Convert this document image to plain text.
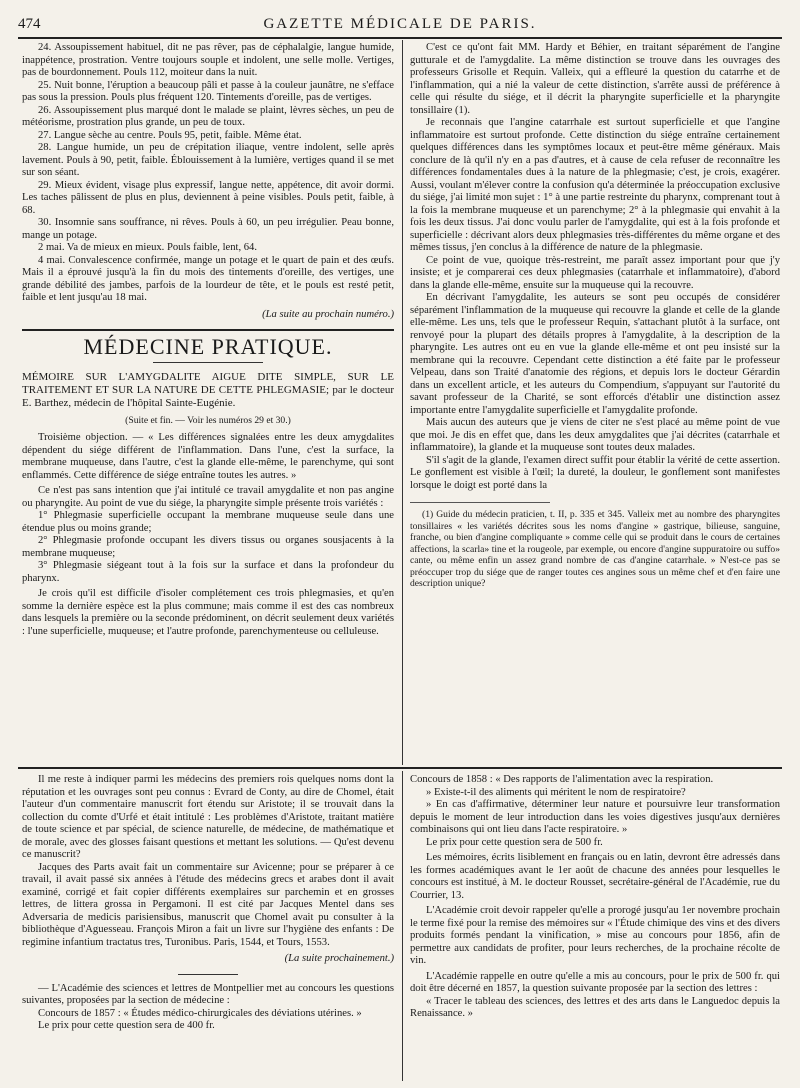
474	GAZETTE MÉDICALE DE PARIS.

24. Assoupissement habituel, dit ne pas rêver, pas de céphalalgie, langue humide, inappétence, prostration. Ventre toujours souple et indolent, une selle molle. Vertiges, pas de bourdonnement. Pouls 112, moiteur dans la nuit.

25. Nuit bonne, l'éruption a beaucoup pâli et passe à la couleur jaunâtre, ne s'efface pas sous la pression. Pouls plus fréquent 120. Tintements d'oreille, pas de vertiges.

26. Assoupissement plus marqué dont le malade se plaint, lèvres sèches, un peu de météorisme, prostration plus grande, un peu de toux.

27. Langue sèche au centre. Pouls 95, petit, faible. Même état.

28. Langue humide, un peu de crépitation iliaque, ventre indolent, selle après lavement. Pouls à 90, petit, faible. Éblouissement à la lumière, vertiges quand il se met sur son séant.

29. Mieux évident, visage plus expressif, langue nette, appétence, dit avoir dormi. Les taches pâlissent de plus en plus, deviennent à peine visibles. Pouls petit, faible, à 68.

30. Insomnie sans souffrance, ni rêves. Pouls à 60, un peu irrégulier. Peau bonne, mange un potage.

2 mai. Va de mieux en mieux. Pouls faible, lent, 64.

4 mai. Convalescence confirmée, mange un potage et le quart de pain et des œufs. Mais il a éprouvé jusqu'à la fin du mois des tintements d'oreille, des vertiges, une grande débilité des jambes, parfois de la lourdeur de tête, et le pouls est resté petit, faible et lent jusqu'au 18 mai.

(La suite au prochain numéro.)

MÉDECINE PRATIQUE.
MÉMOIRE SUR L'AMYGDALITE AIGUE DITE SIMPLE, SUR LE TRAITEMENT ET SUR LA NATURE DE CETTE PHLEGMASIE; par le docteur E. Barthez, médecin de l'hôpital Sainte-Eugénie.

(Suite et fin. — Voir les numéros 29 et 30.)

Troisième objection. — « Les différences signalées entre les deux amygdalites dépendent du siége différent de l'inflammation. Dans l'une, c'est la surface, la membrane muqueuse, dans l'autre, c'est la glande elle-même, le parenchyme, qui sont enflammés. Cette différence de siége entraîne toutes les autres. »

Ce n'est pas sans intention que j'ai intitulé ce travail amygdalite et non pas angine ou pharyngite. Au point de vue du siége, la pharyngite simple présente trois variétés :

1° Phlegmasie superficielle occupant la membrane muqueuse seule dans une étendue plus ou moins grande;

2° Phlegmasie profonde occupant les divers tissus ou organes sousjacents à la membrane muqueuse;

3° Phlegmasie siégeant tout à la fois sur la surface et dans la profondeur du pharynx.

Je crois qu'il est difficile d'isoler complétement ces trois phlegmasies, et qu'en somme la dernière espèce est la plus commune; mais comme il est des cas nombreux dans lesquels la première ou la seconde prédominent, on décrit seulement deux variétés : l'une superficielle, muqueuse; et l'autre profonde, parenchymenteuse ou celluleuse.

C'est ce qu'ont fait MM. Hardy et Béhier, en traitant séparément de l'angine gutturale et de l'amygdalite. La même distinction se trouve dans les ouvrages des professeurs Grisolle et Requin. Valleix, qui a effleuré la question du catarrhe et de l'inflammation, qui a nié la valeur de cette distinction, s'arrête aussi de préférence à celle qui résulte du siége, et il décrit la pharyngite superficielle et la pharyngite tonsillaire (1).

Je reconnais que l'angine catarrhale est surtout superficielle et que l'angine inflammatoire est surtout profonde. Cette distinction du siége entraîne certainement quelques différences dans les symptômes locaux et peut-être même généraux. Mais conclure de là qu'il n'y en a pas d'autres, et à cause de cela refuser de reconnaître les différences fondamentales dues à la nature de la phlegmasie; c'est, je crois, exagérer. Aussi, voulant m'élever contre la confusion qu'a déterminée la préoccupation exclusive du siége, j'ai limité mon sujet : 1° à une partie restreinte du pharynx, comprenant tout à la fois la membrane muqueuse et un parenchyme; 2° à la phlegmasie qui envahit à la fois les deux tissus. J'ai donc voulu parler de l'amygdalite, qui est à la fois profonde et superficielle : décrivant alors deux phlegmasies très-différentes du même organe et des mêmes tissus, j'en conclus à la différence de nature de la phlegmasie.

Ce point de vue, quoique très-restreint, me paraît assez important pour que j'y insiste; et je comparerai ces deux phlegmasies (catarrhale et inflammatoire), d'abord dans la glande elle-même, ensuite sur la muqueuse qui la recouvre.

En décrivant l'amygdalite, les auteurs se sont peu occupés de considérer séparément l'inflammation de la muqueuse qui recouvre la glande et celle de la glande elle-même. Les uns, tels que le professeur Requin, s'attachant plutôt à la surface, ont renvoyé pour la plupart des détails propres à l'amygdalite, à la description de la pharyngite. Les autres ont eu en vue la glande elle-même et ont peu insisté sur la membrane qui la recouvre. Cependant cette distinction a été faite par le professeur Velpeau, dans son Traité d'anatomie des régions, et depuis lors le docteur Gérardin dans un excellent article, et les auteurs du Compendium, s'appuyant sur l'autorité du savant professeur de la Charité, se sont efforcés d'établir une distinction assez importante entre l'amygdalite superficielle et l'amygdalite profonde.

Mais aucun des auteurs que je viens de citer ne s'est placé au même point de vue que moi. Je dis en effet que, dans les deux amygdalites que j'ai décrites (catarrhale et inflammatoire), la glande et la muqueuse sont toutes deux malades.

S'il s'agit de la glande, l'examen direct suffit pour établir la vérité de cette assertion. Le gonflement est visible à l'œil; la dureté, la douleur, le gonflement sont manifestes lorsque le doigt est porté dans la

(1) Guide du médecin praticien, t. II, p. 335 et 345. Valleix met au nombre des pharyngites tonsillaires « les variétés décrites sous les noms d'angine » gastrique, bilieuse, sanguine, franche, ou bien d'angine compliquante » comme celle qui se produit dans le cours de certaines affections, la scarla» tine et la rougeole, par exemple, ou encore d'angine suppuratoire ou suffo» cante, ou même enfin un assez grand nombre de cas d'angine catarrhale. » N'est-ce pas se préoccuper trop du siége que de ranger toutes ces angines sous un même chef et d'en faire une description unique?

Il me reste à indiquer parmi les médecins des premiers rois quelques noms dont la réputation et les ouvrages sont peu connus : Evrard de Conty, au dire de Chomel, était l'auteur d'un commentaire manuscrit fort étendu sur Aristote; il se trouvait dans la collection du comte d'Urfé et était intitulé : Les problèmes d'Aristote, traitant matière de toute science et par spécial, de science naturelle, de médecine, de mathématique et de morale, avec des glosses faisant questions et mettant les solutions. — Qu'est devenu ce manuscrit?

Jacques des Parts avait fait un commentaire sur Avicenne; pour se préparer à ce travail, il avait passé six années à l'étude des médecins grecs et arabes dont il avait examiné, corrigé et fait copier différents exemplaires sur parchemin et en grosses lettres, de littera grossa in Pergamoni. Il est cité par Jacques Mentel dans ses Adversaria de medicis parisiensibus, manuscrit que Chomel avait pu consulter à la bibliothèque d'Aguesseau. François Miron a fait un livre sur l'hygiène des enfants : De regimine infantium tractatus tres, Turonibus. Paris, 1544, et Tours, 1553.

(La suite prochainement.)

— L'Académie des sciences et lettres de Montpellier met au concours les questions suivantes, proposées par la section de médecine :

Concours de 1857 : « Études médico-chirurgicales des déviations utérines. »

Le prix pour cette question sera de 400 fr.

Concours de 1858 : « Des rapports de l'alimentation avec la respiration.

» Existe-t-il des aliments qui méritent le nom de respiratoire?

» En cas d'affirmative, déterminer leur nature et poursuivre leur transformation depuis le moment de leur introduction dans les voies digestives jusqu'aux dernières combinaisons qui ont lieu dans l'acte respiratoire. »

Le prix pour cette question sera de 500 fr.

Les mémoires, écrits lisiblement en français ou en latin, devront être adressés dans les formes académiques avant le 1er août de chacune des années pour lesquelles le concours est institué, à M. le docteur Rousset, secrétaire-général de l'Académie, rue du Courrier, 13.

L'Académie croit devoir rappeler qu'elle a prorogé jusqu'au 1er novembre prochain le terme fixé pour la remise des mémoires sur « l'Étude chimique des vins et des divers produits formés pendant la vinification, » mise au concours pour 1856, afin de permettre aux candidats de profiter, pour leurs recherches, de la prochaine récolte de vin.

L'Académie rappelle en outre qu'elle a mis au concours, pour le prix de 500 fr. qui doit être décerné en 1857, la question suivante proposée par la section des lettres :

« Tracer le tableau des sciences, des lettres et des arts dans le Languedoc depuis la Renaissance. »
